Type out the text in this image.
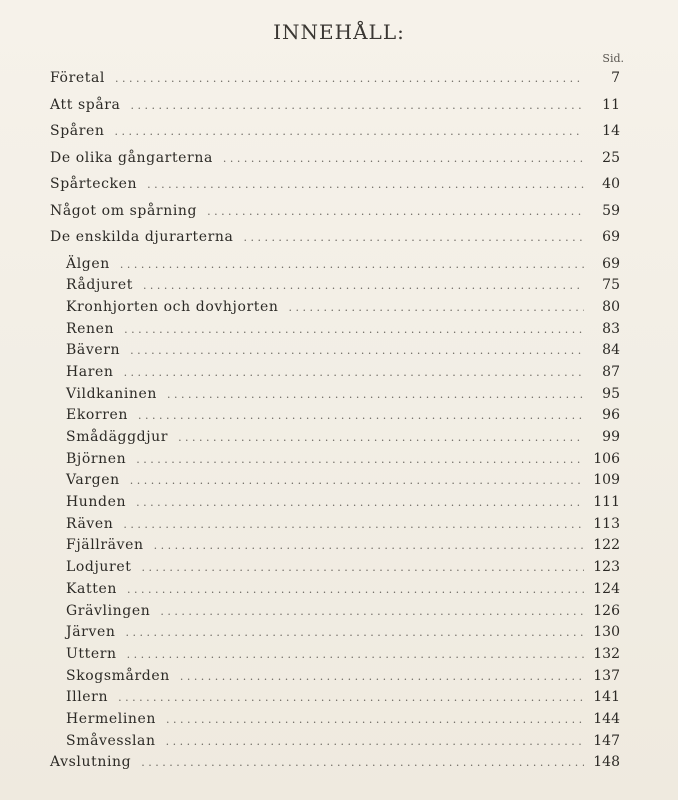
INNEHÅLL:
Sid.
Företal . . .	7
Att spåra . . .	11
Spåren . . .	14
De olika gångarterna . . .	25
Spårtecken . . .	40
Något om spårning . . .	59
De enskilda djurarterna . . .	69
Älgen . . .	69
Rådjuret . . .	75
Kronhjorten och dovhjorten . . .	80
Renen . . .	83
Bävern . . .	84
Haren . . .	87
Vildkaninen . . .	95
Ekorren . . .	96
Smådäggdjur . . .	99
Björnen . . .	106
Vargen . . .	109
Hunden . . .	111
Räven . . .	113
Fjällräven . . .	122
Lodjuret . . .	123
Katten . . .	124
Grävlingen . . .	126
Järven . . .	130
Uttern . . .	132
Skogsmården . . .	137
Illern . . .	141
Hermelinen . . .	144
Småvesslan . . .	147
Avslutning . . .	148
